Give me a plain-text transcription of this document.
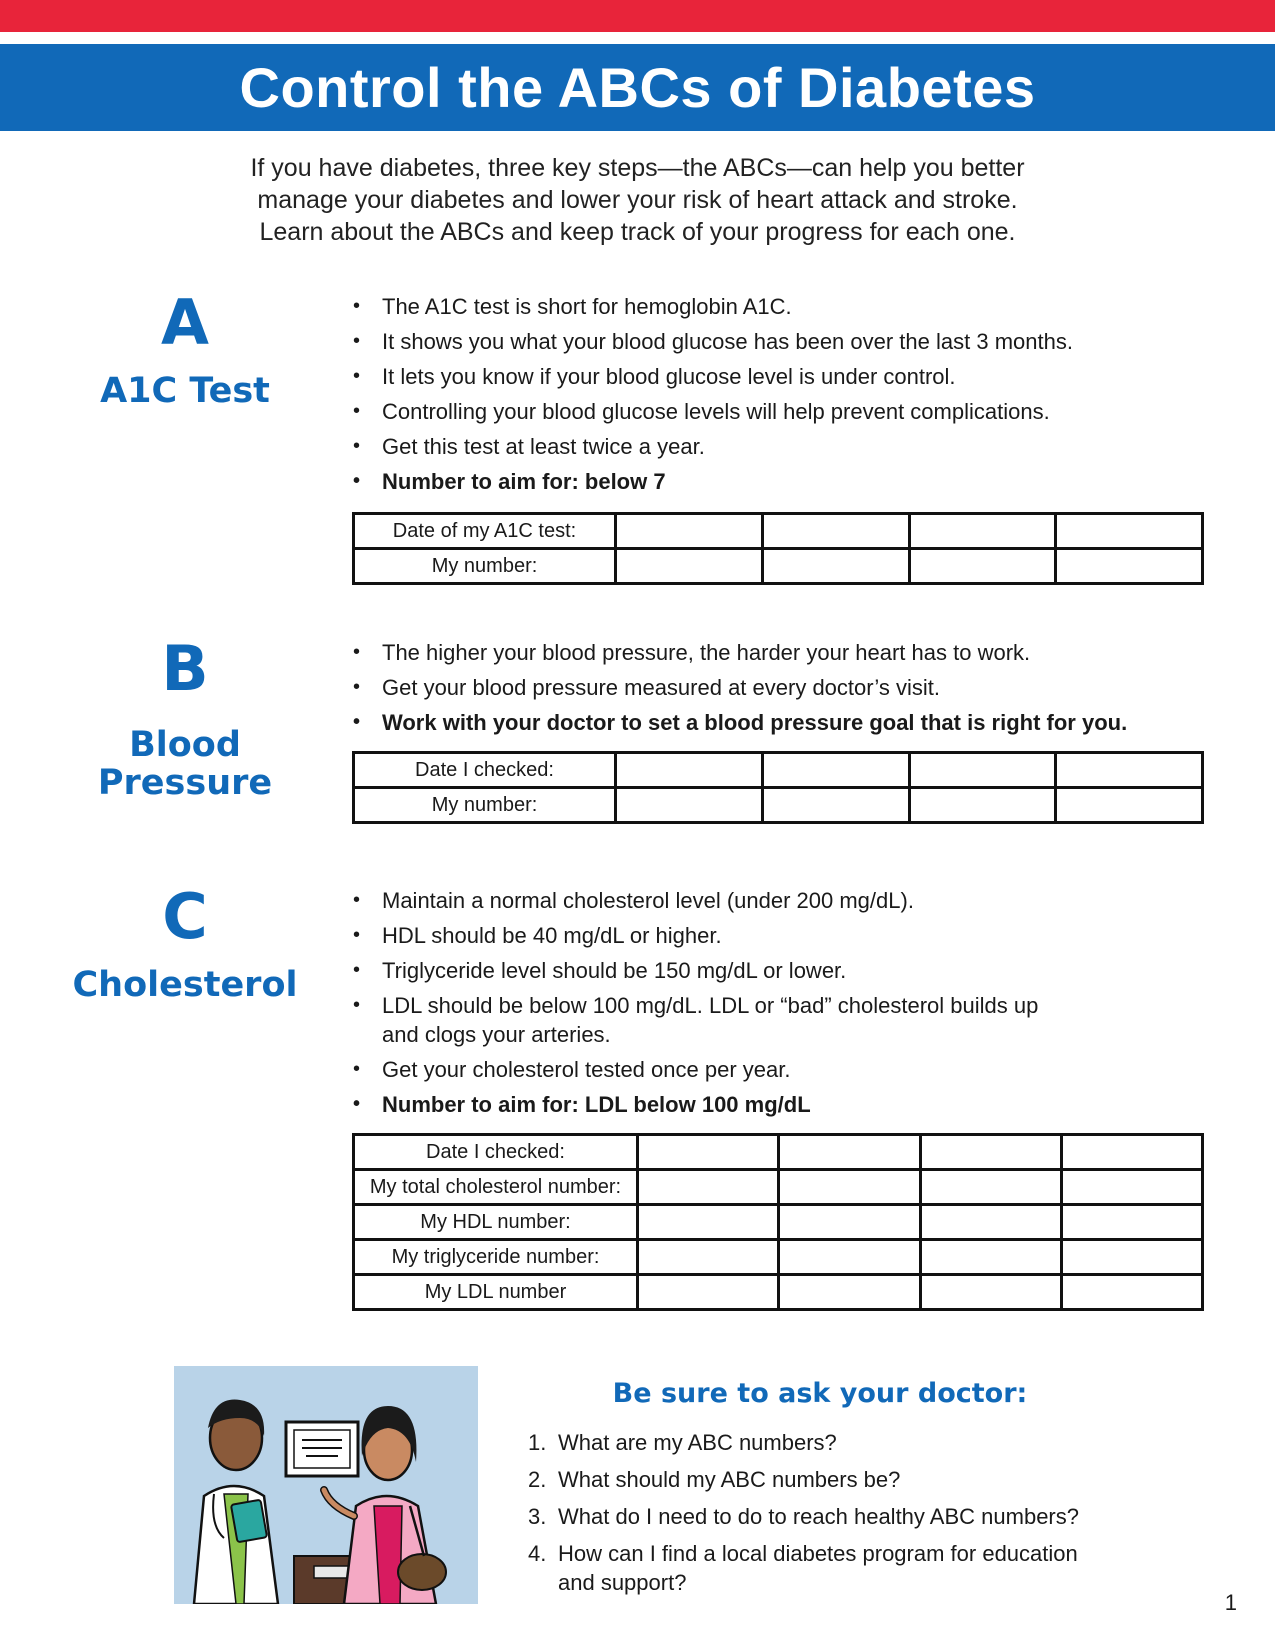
Control the ABCs of Diabetes
If you have diabetes, three key steps—the ABCs—can help you better
manage your diabetes and lower your risk of heart attack and stroke.
Learn about the ABCs and keep track of your progress for each one.
A
A1C Test
• The A1C test is short for hemoglobin A1C.
• It shows you what your blood glucose has been over the last 3 months.
• It lets you know if your blood glucose level is under control.
• Controlling your blood glucose levels will help prevent complications.
• Get this test at least twice a year.
• Number to aim for: below 7
Date of my A1C test:				
My number:				
B
Blood
Pressure
• The higher your blood pressure, the harder your heart has to work.
• Get your blood pressure measured at every doctor’s visit.
• Work with your doctor to set a blood pressure goal that is right for you.
Date I checked:				
My number:				
C
Cholesterol
• Maintain a normal cholesterol level (under 200 mg/dL).
• HDL should be 40 mg/dL or higher.
• Triglyceride level should be 150 mg/dL or lower.
• LDL should be below 100 mg/dL. LDL or “bad” cholesterol builds up and clogs your arteries.
• Get your cholesterol tested once per year.
• Number to aim for: LDL below 100 mg/dL
Date I checked:				
My total cholesterol number:				
My HDL number:				
My triglyceride number:				
My LDL number				
Be sure to ask your doctor:
1. What are my ABC numbers?
2. What should my ABC numbers be?
3. What do I need to do to reach healthy ABC numbers?
4. How can I find a local diabetes program for education and support?
1
